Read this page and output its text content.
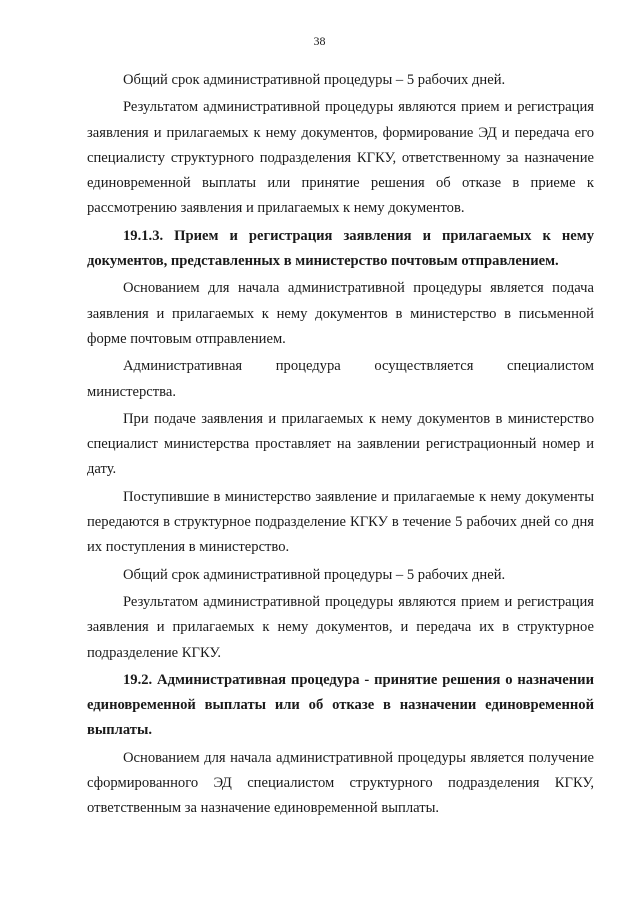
38

Общий срок административной процедуры – 5 рабочих дней.

Результатом административной процедуры являются прием и регистрация заявления и прилагаемых к нему документов, формирование ЭД и передача его специалисту структурного подразделения КГКУ, ответственному за назначение единовременной выплаты или принятие решения об отказе в приеме к рассмотрению заявления и прилагаемых к нему документов.

19.1.3. Прием и регистрация заявления и прилагаемых к нему документов, представленных в министерство почтовым отправлением.

Основанием для начала административной процедуры является подача заявления и прилагаемых к нему документов в министерство в письменной форме почтовым отправлением.

Административная процедура осуществляется специалистом министерства.

При подаче заявления и прилагаемых к нему документов в министерство специалист министерства проставляет на заявлении регистрационный номер и дату.

Поступившие в министерство заявление и прилагаемые к нему документы передаются в структурное подразделение КГКУ в течение 5 рабочих дней со дня их поступления в министерство.

Общий срок административной процедуры – 5 рабочих дней.

Результатом административной процедуры являются прием и регистрация заявления и прилагаемых к нему документов, и передача их в структурное подразделение КГКУ.

19.2. Административная процедура - принятие решения о назначении единовременной выплаты или об отказе в назначении единовременной выплаты.

Основанием для начала административной процедуры является получение сформированного ЭД специалистом структурного подразделения КГКУ, ответственным за назначение единовременной выплаты.
